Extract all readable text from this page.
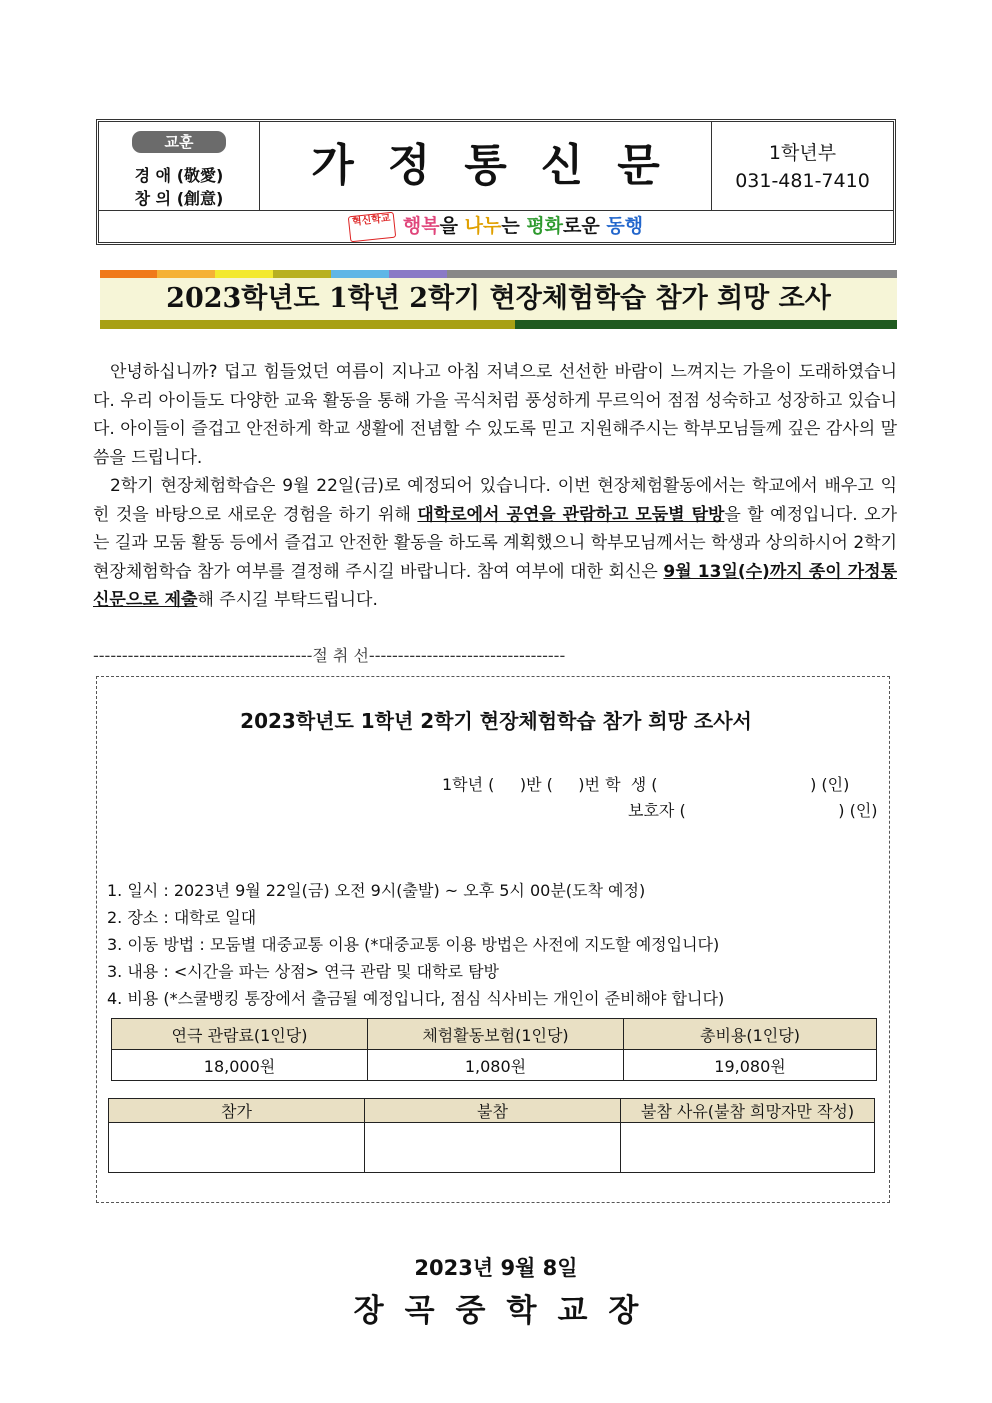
교훈
경 애 (敬愛)
창 의 (創意)
가정통신문	1학년부
031-481-7410
혁신학교 행복을 나누는 평화로운 동행
2023학년도 1학년 2학기 현장체험학습 참가 희망 조사
안녕하십니까? 덥고 힘들었던 여름이 지나고 아침 저녁으로 선선한 바람이 느껴지는 가을이 도래하였습니다. 우리 아이들도 다양한 교육 활동을 통해 가을 곡식처럼 풍성하게 무르익어 점점 성숙하고 성장하고 있습니다. 아이들이 즐겁고 안전하게 학교 생활에 전념할 수 있도록 믿고 지원해주시는 학부모님들께 깊은 감사의 말씀을 드립니다.
2학기 현장체험학습은 9월 22일(금)로 예정되어 있습니다. 이번 현장체험활동에서는 학교에서 배우고 익힌 것을 바탕으로 새로운 경험을 하기 위해 대학로에서 공연을 관람하고 모둠별 탐방을 할 예정입니다. 오가는 길과 모둠 활동 등에서 즐겁고 안전한 활동을 하도록 계획했으니 학부모님께서는 학생과 상의하시어 2학기 현장체험학습 참가 여부를 결정해 주시길 바랍니다. 참여 여부에 대한 회신은 9월 13일(수)까지 종이 가정통신문으로 제출해 주시길 부탁드립니다.
--------------------------------------절 취 선----------------------------------
2023학년도 1학년 2학기 현장체험학습 참가 희망 조사서
1학년 (     )반 (     )번 학  생 (                              ) (인)
보호자 (                              ) (인)
1. 일시 : 2023년 9월 22일(금) 오전 9시(출발) ~ 오후 5시 00분(도착 예정)
2. 장소 : 대학로 일대
3. 이동 방법 : 모둠별 대중교통 이용 (*대중교통 이용 방법은 사전에 지도할 예정입니다)
3. 내용 : <시간을 파는 상점> 연극 관람 및 대학로 탐방
4. 비용 (*스쿨뱅킹 통장에서 출금될 예정입니다, 점심 식사비는 개인이 준비해야 합니다)
연극 관람료(1인당)	체험활동보험(1인당)	총비용(1인당)
18,000원	1,080원	19,080원
참가	불참	불참 사유(불참 희망자만 작성)

2023년 9월 8일
장곡중학교장
